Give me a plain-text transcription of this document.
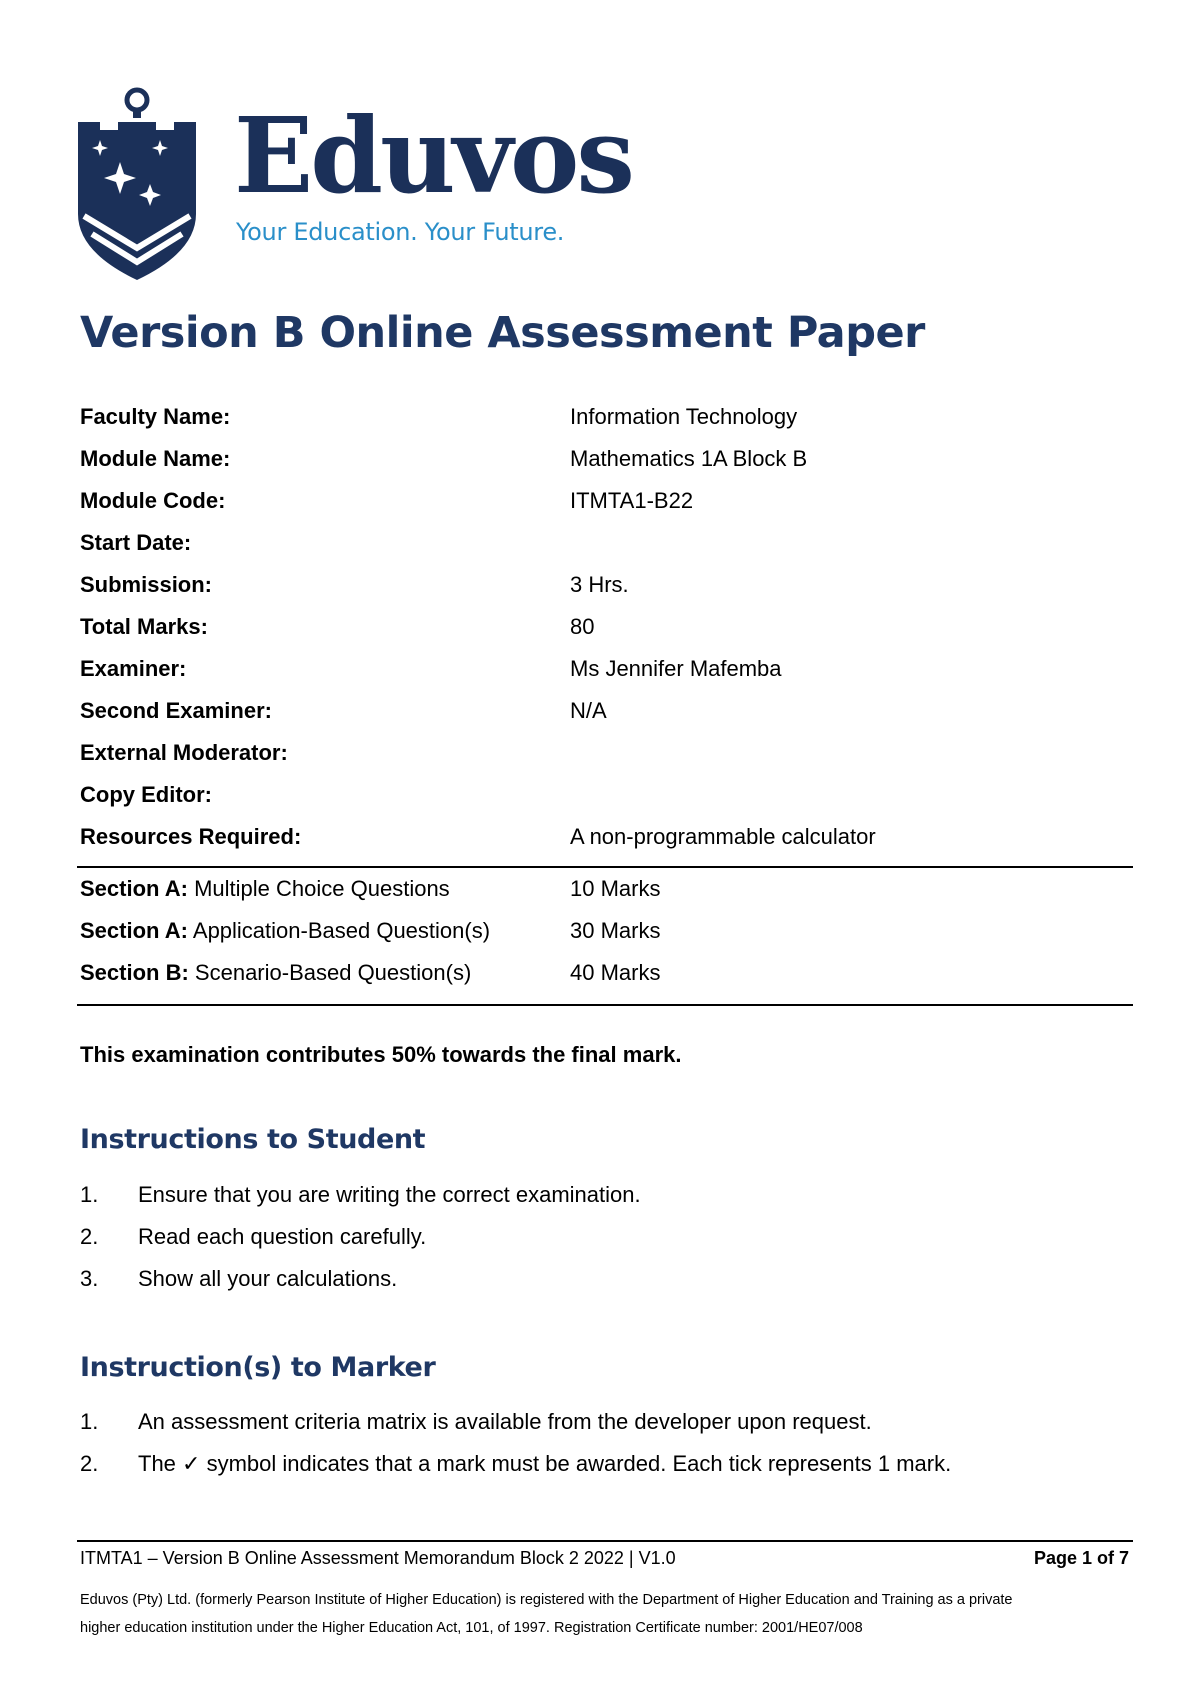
Eduvos
Your Education. Your Future.
Version B Online Assessment Paper
Faculty Name:	Information Technology
Module Name:	Mathematics 1A Block B
Module Code:	ITMTA1-B22
Start Date:
Submission:	3 Hrs.
Total Marks:	80
Examiner:	Ms Jennifer Mafemba
Second Examiner:	N/A
External Moderator:
Copy Editor:
Resources Required:	A non-programmable calculator
Section A: Multiple Choice Questions	10 Marks
Section A: Application-Based Question(s)	30 Marks
Section B: Scenario-Based Question(s)	40 Marks
This examination contributes 50% towards the final mark.
Instructions to Student
1. Ensure that you are writing the correct examination.
2. Read each question carefully.
3. Show all your calculations.
Instruction(s) to Marker
1. An assessment criteria matrix is available from the developer upon request.
2. The ✓ symbol indicates that a mark must be awarded. Each tick represents 1 mark.
ITMTA1 – Version B Online Assessment Memorandum Block 2 2022 | V1.0	Page 1 of 7
Eduvos (Pty) Ltd. (formerly Pearson Institute of Higher Education) is registered with the Department of Higher Education and Training as a private
higher education institution under the Higher Education Act, 101, of 1997. Registration Certificate number: 2001/HE07/008
